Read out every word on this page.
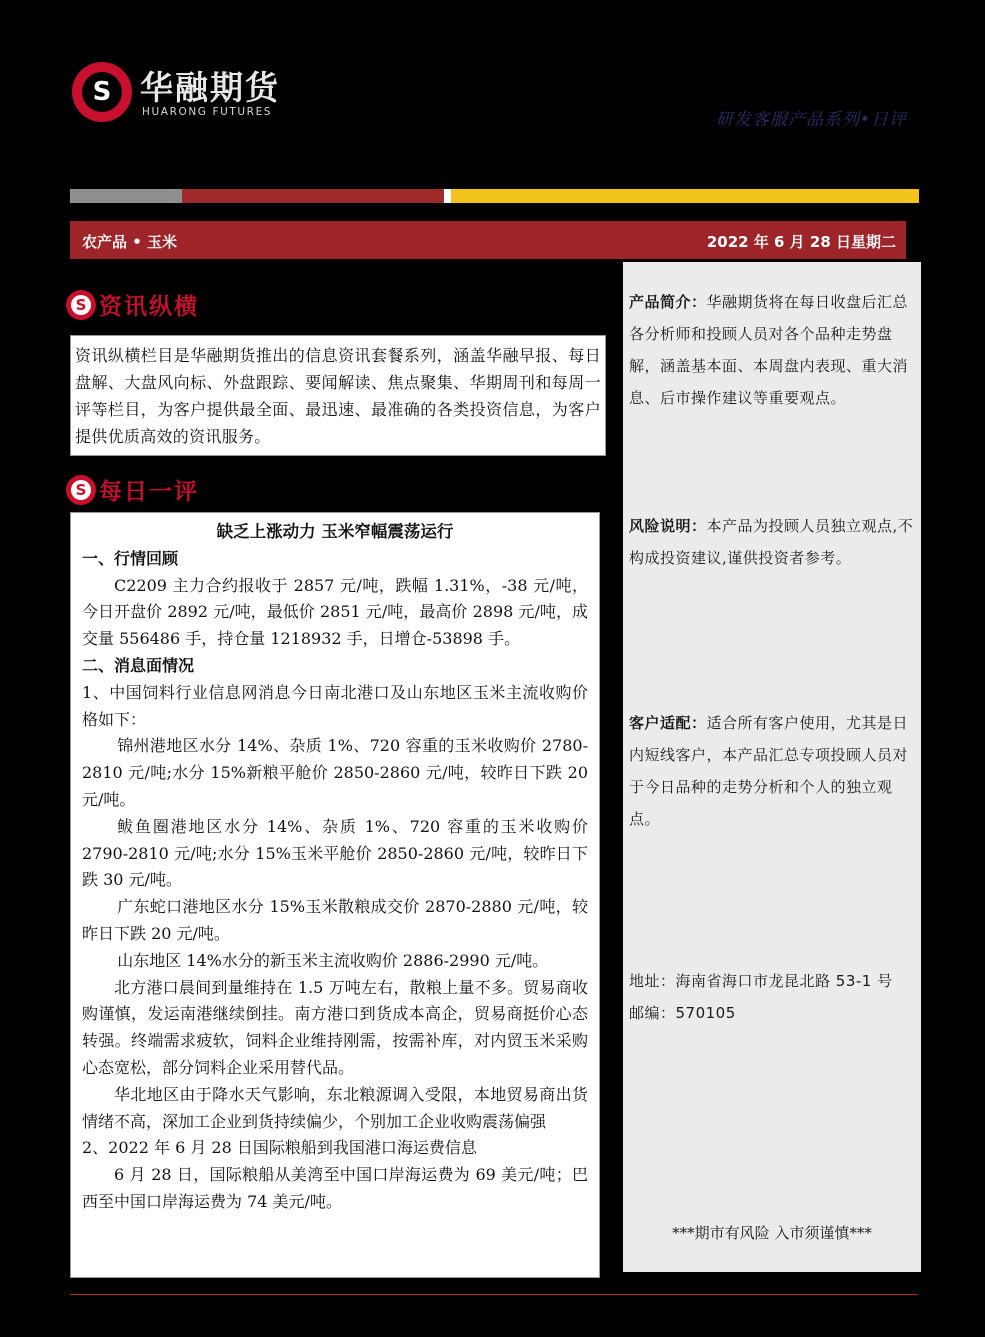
S 华融期货
HUARONG FUTURES	研发客服产品系列•日评
农产品 • 玉米	2022 年 6 月 28 日星期二
S 资讯纵横
资讯纵横栏目是华融期货推出的信息资讯套餐系列，涵盖华融早报、每日盘解、大盘风向标、外盘跟踪、要闻解读、焦点聚集、华期周刊和每周一评等栏目，为客户提供最全面、最迅速、最准确的各类投资信息，为客户提供优质高效的资讯服务。
S 每日一评

缺乏上涨动力 玉米窄幅震荡运行

一、行情回顾

C2209 主力合约报收于 2857 元/吨，跌幅 1.31%，-38 元/吨，今日开盘价 2892 元/吨，最低价 2851 元/吨，最高价 2898 元/吨，成交量 556486 手，持仓量 1218932 手，日增仓-53898 手。

二、消息面情况

1、中国饲料行业信息网消息今日南北港口及山东地区玉米主流收购价格如下：

锦州港地区水分 14%、杂质 1%、720 容重的玉米收购价 2780-2810 元/吨;水分 15%新粮平舱价 2850-2860 元/吨，较昨日下跌 20 元/吨。

鲅鱼圈港地区水分 14%、杂质 1%、720 容重的玉米收购价 2790-2810 元/吨;水分 15%玉米平舱价 2850-2860 元/吨，较昨日下跌 30 元/吨。

广东蛇口港地区水分 15%玉米散粮成交价 2870-2880 元/吨，较昨日下跌 20 元/吨。

山东地区 14%水分的新玉米主流收购价 2886-2990 元/吨。

北方港口晨间到量维持在 1.5 万吨左右，散粮上量不多。贸易商收购谨慎，发运南港继续倒挂。南方港口到货成本高企，贸易商挺价心态转强。终端需求疲软，饲料企业维持刚需，按需补库，对内贸玉米采购心态宽松，部分饲料企业采用替代品。

华北地区由于降水天气影响，东北粮源调入受限，本地贸易商出货情绪不高，深加工企业到货持续偏少，个别加工企业收购震荡偏强

2、2022 年 6 月 28 日国际粮船到我国港口海运费信息

6 月 28 日，国际粮船从美湾至中国口岸海运费为 69 美元/吨；巴西至中国口岸海运费为 74 美元/吨。

产品简介：华融期货将在每日收盘后汇总各分析师和投顾人员对各个品种走势盘解，涵盖基本面、本周盘内表现、重大消息、后市操作建议等重要观点。
风险说明：本产品为投顾人员独立观点,不构成投资建议,谨供投资者参考。
客户适配：适合所有客户使用，尤其是日内短线客户，本产品汇总专项投顾人员对于今日品种的走势分析和个人的独立观点。
地址：海南省海口市龙昆北路 53-1 号
邮编：570105
***期市有风险 入市须谨慎***
